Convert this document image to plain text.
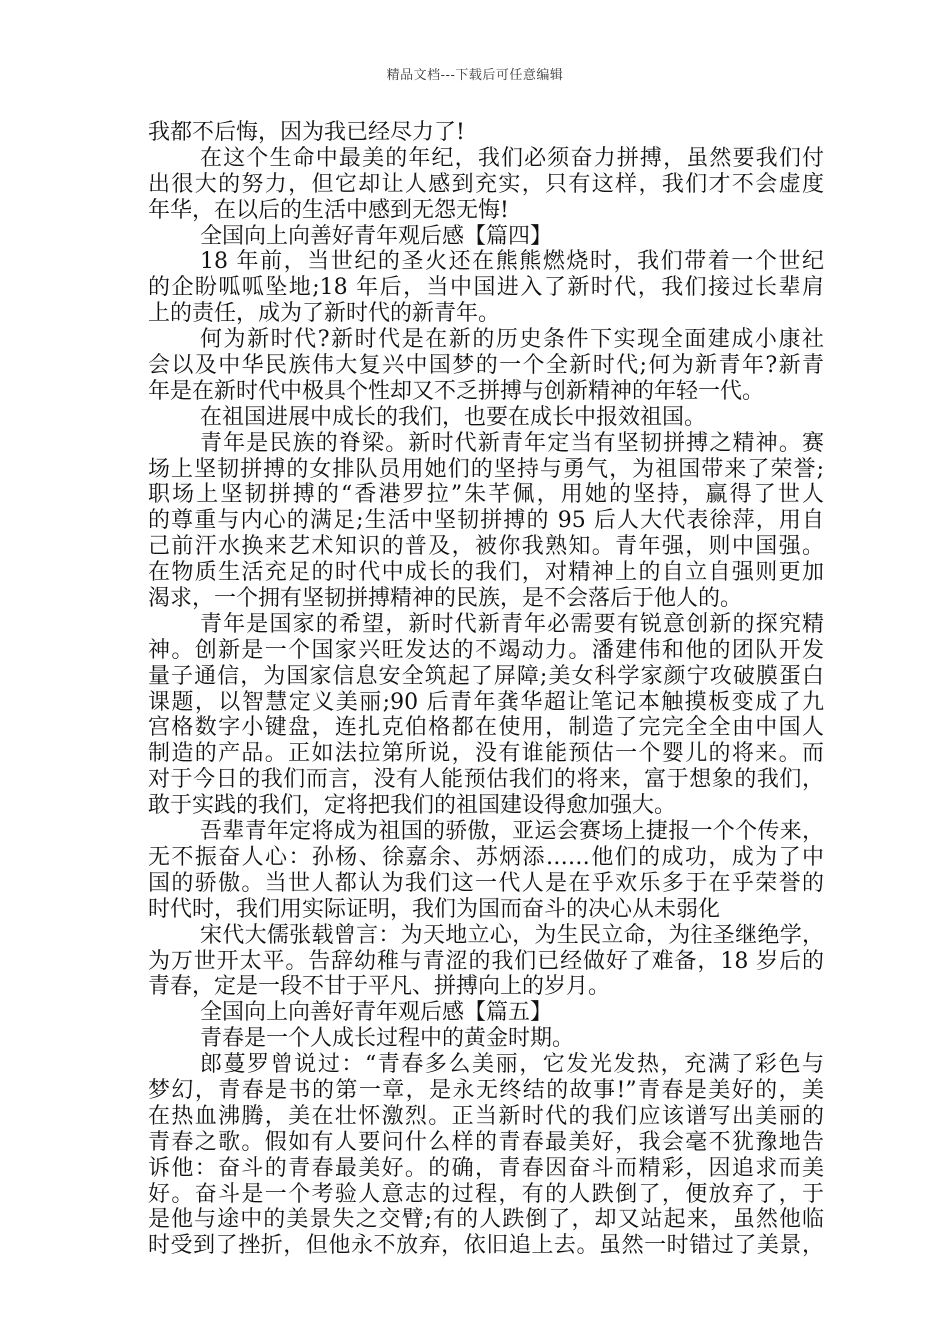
精品文档---下载后可任意编辑
我都不后悔，因为我已经尽力了!
在这个生命中最美的年纪，我们必须奋力拼搏，虽然要我们付
出很大的努力，但它却让人感到充实，只有这样，我们才不会虚度
年华，在以后的生活中感到无怨无悔!
全国向上向善好青年观后感【篇四】
18 年前，当世纪的圣火还在熊熊燃烧时，我们带着一个世纪
的企盼呱呱坠地;18 年后，当中国进入了新时代，我们接过长辈肩
上的责任，成为了新时代的新青年。
何为新时代?新时代是在新的历史条件下实现全面建成小康社
会以及中华民族伟大复兴中国梦的一个全新时代;何为新青年?新青
年是在新时代中极具个性却又不乏拼搏与创新精神的年轻一代。
在祖国进展中成长的我们，也要在成长中报效祖国。
青年是民族的脊梁。新时代新青年定当有坚韧拼搏之精神。赛
场上坚韧拼搏的女排队员用她们的坚持与勇气，为祖国带来了荣誉;
职场上坚韧拼搏的“香港罗拉”朱芊佩，用她的坚持，赢得了世人
的尊重与内心的满足;生活中坚韧拼搏的 95 后人大代表徐萍，用自
己前汗水换来艺术知识的普及，被你我熟知。青年强，则中国强。
在物质生活充足的时代中成长的我们，对精神上的自立自强则更加
渴求，一个拥有坚韧拼搏精神的民族，是不会落后于他人的。
青年是国家的希望，新时代新青年必需要有锐意创新的探究精
神。创新是一个国家兴旺发达的不竭动力。潘建伟和他的团队开发
量子通信，为国家信息安全筑起了屏障;美女科学家颜宁攻破膜蛋白
课题，以智慧定义美丽;90 后青年龚华超让笔记本触摸板变成了九
宫格数字小键盘，连扎克伯格都在使用，制造了完完全全由中国人
制造的产品。正如法拉第所说，没有谁能预估一个婴儿的将来。而
对于今日的我们而言，没有人能预估我们的将来，富于想象的我们，
敢于实践的我们，定将把我们的祖国建设得愈加强大。
吾辈青年定将成为祖国的骄傲，亚运会赛场上捷报一个个传来，
无不振奋人心：孙杨、徐嘉余、苏炳添……他们的成功，成为了中
国的骄傲。当世人都认为我们这一代人是在乎欢乐多于在乎荣誉的
时代时，我们用实际证明，我们为国而奋斗的决心从未弱化
宋代大儒张载曾言：为天地立心，为生民立命，为往圣继绝学，
为万世开太平。告辞幼稚与青涩的我们已经做好了难备，18 岁后的
青春，定是一段不甘于平凡、拼搏向上的岁月。
全国向上向善好青年观后感【篇五】
青春是一个人成长过程中的黄金时期。
郎蔓罗曾说过：“青春多么美丽，它发光发热，充满了彩色与
梦幻，青春是书的第一章，是永无终结的故事!”青春是美好的，美
在热血沸腾，美在壮怀激烈。正当新时代的我们应该谱写出美丽的
青春之歌。假如有人要问什么样的青春最美好，我会毫不犹豫地告
诉他：奋斗的青春最美好。的确，青春因奋斗而精彩，因追求而美
好。奋斗是一个考验人意志的过程，有的人跌倒了，便放弃了，于
是他与途中的美景失之交臂;有的人跌倒了，却又站起来，虽然他临
时受到了挫折，但他永不放弃，依旧追上去。虽然一时错过了美景，
